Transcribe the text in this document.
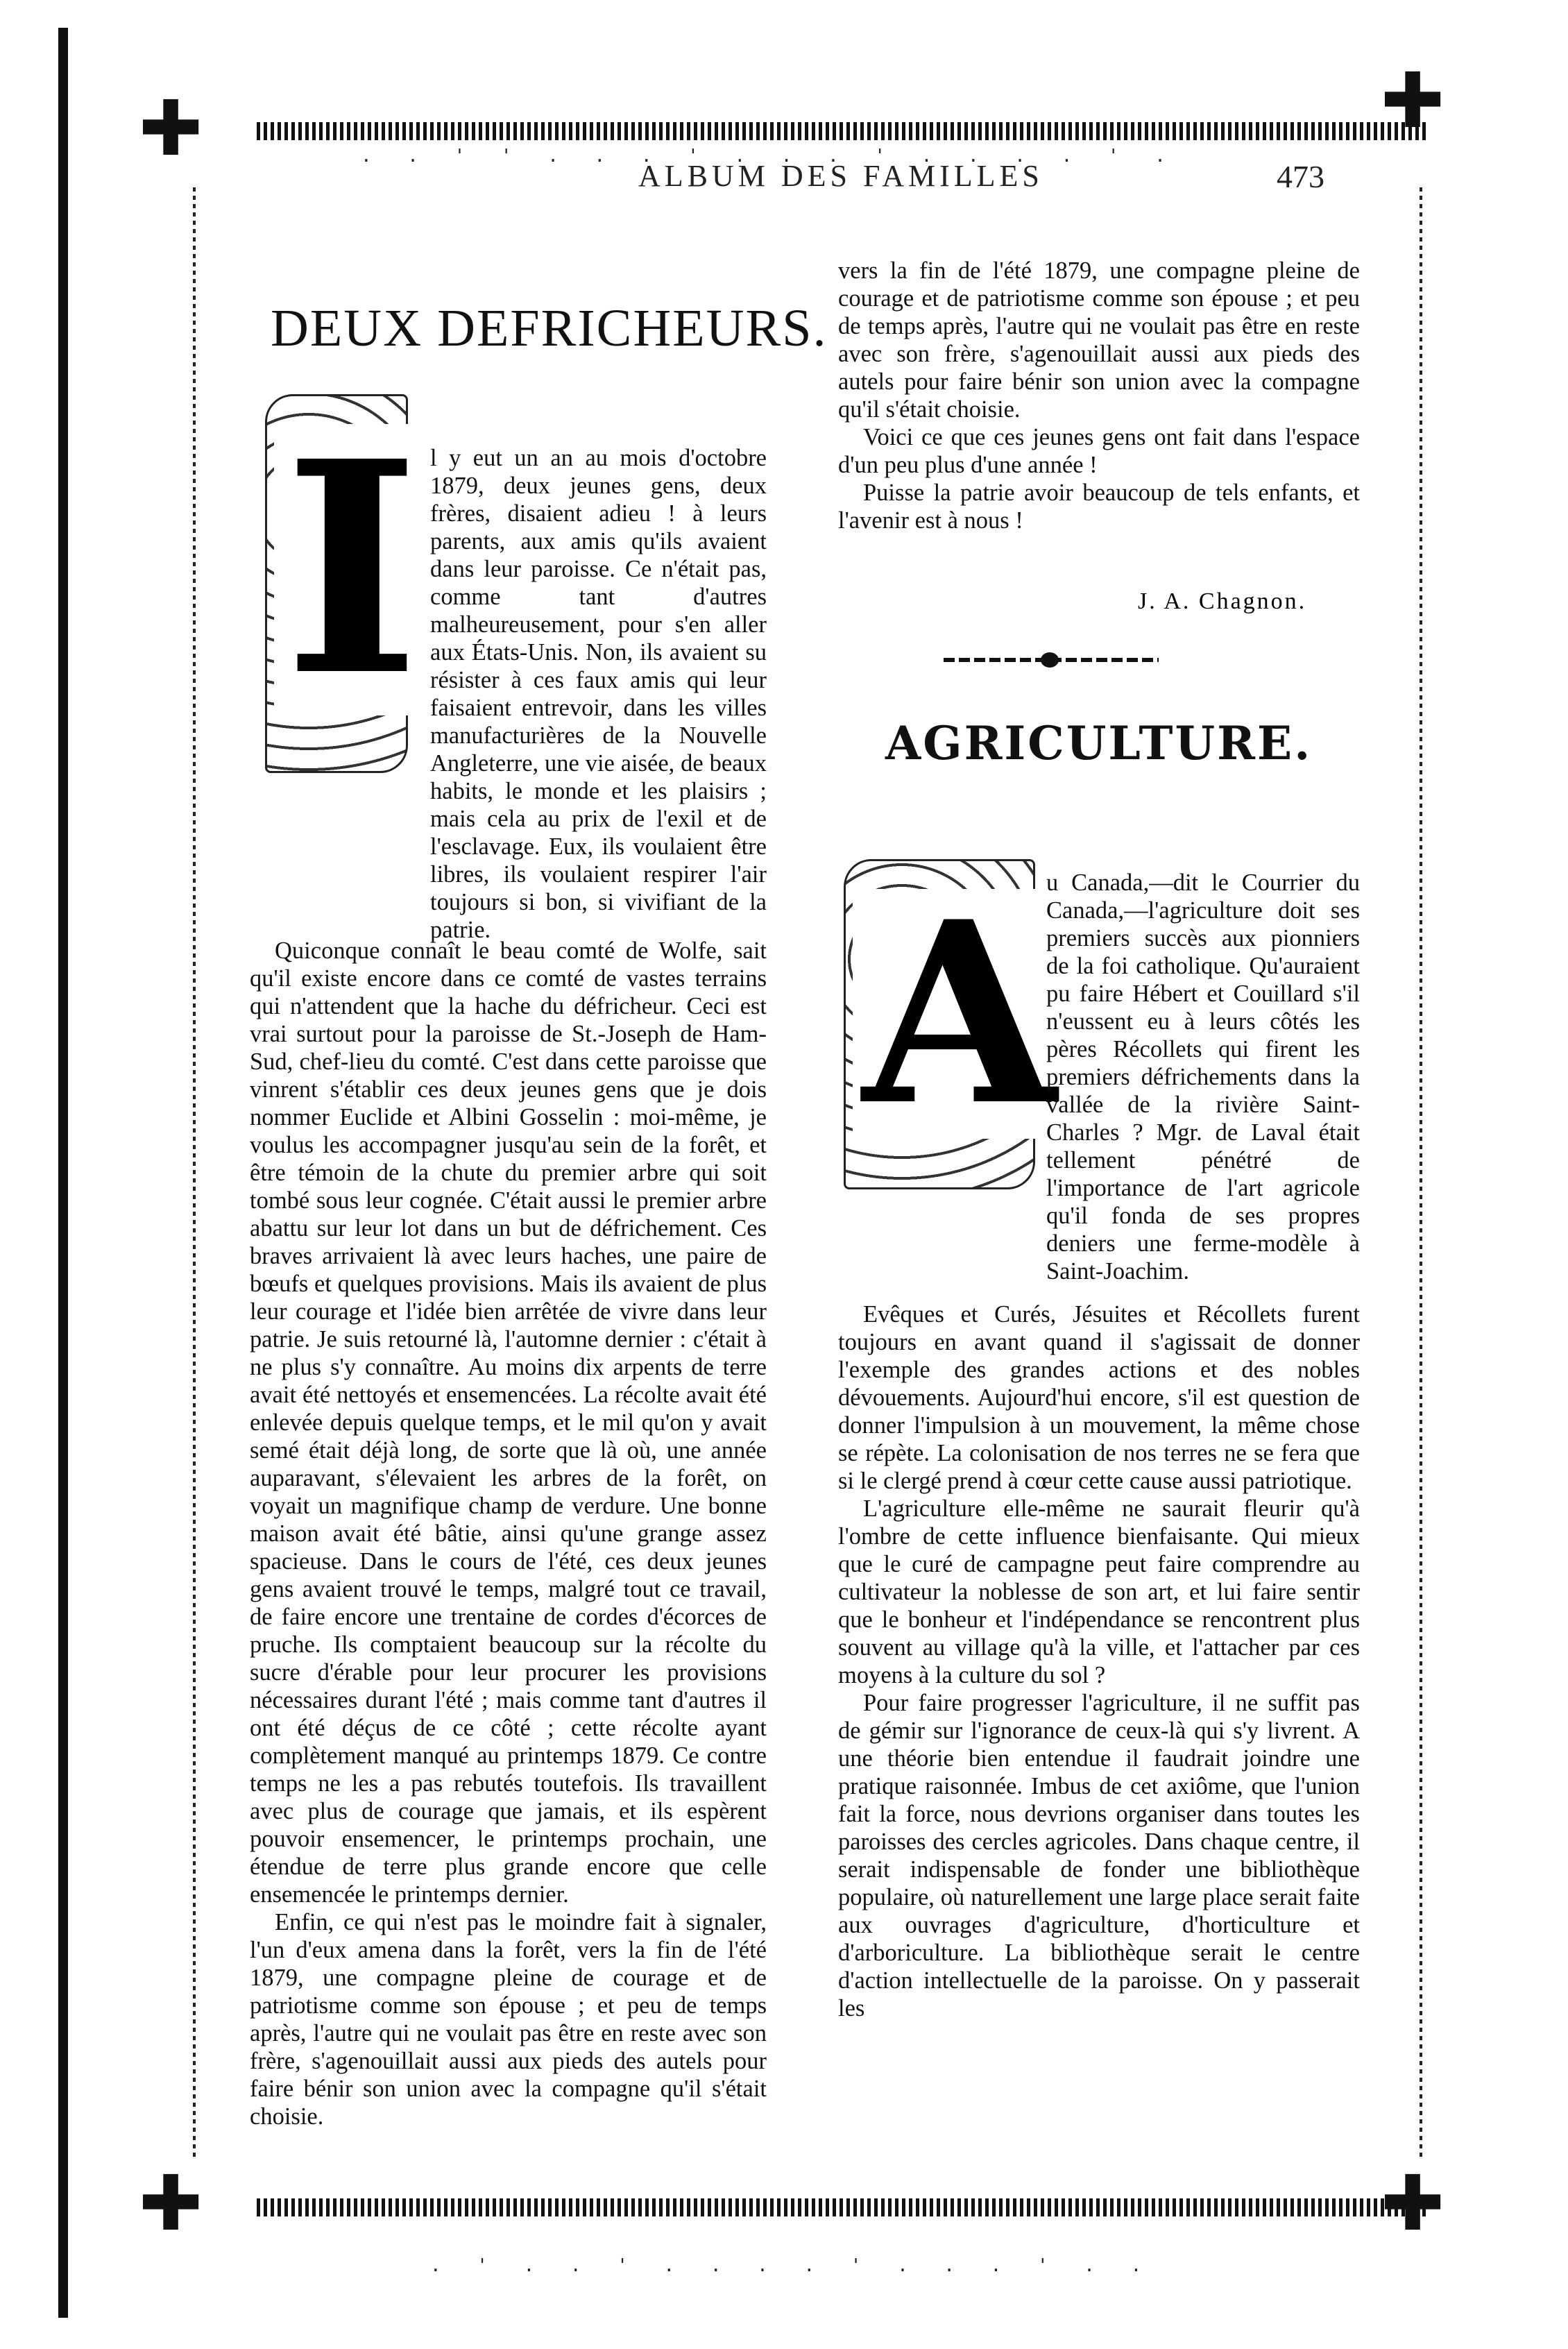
✚	✚
✚	✚
. . ' ' . . . ' . . . ' . . . . ' .
. ' . . ' . . . . ' . . . ' . .
ALBUM DES FAMILLES	473
DEUX DEFRICHEURS.
I l y eut un an au mois d'octobre 1879, deux jeunes gens, deux frères, disaient adieu ! à leurs parents, aux amis qu'ils avaient dans leur paroisse. Ce n'était pas, comme tant d'autres malheureusement, pour s'en aller aux États-Unis. Non, ils avaient su résister à ces faux amis qui leur faisaient entrevoir, dans les villes manufacturières de la Nouvelle Angleterre, une vie aisée, de beaux habits, le monde et les plaisirs ; mais cela au prix de l'exil et de l'esclavage. Eux, ils voulaient être libres, ils voulaient respirer l'air toujours si bon, si vivifiant de la patrie.

Quiconque connaît le beau comté de Wolfe, sait qu'il existe encore dans ce comté de vastes terrains qui n'attendent que la hache du défricheur. Ceci est vrai surtout pour la paroisse de St.-Joseph de Ham-Sud, chef-lieu du comté. C'est dans cette paroisse que vinrent s'établir ces deux jeunes gens que je dois nommer Euclide et Albini Gosselin : moi-même, je voulus les accompagner jusqu'au sein de la forêt, et être témoin de la chute du premier arbre qui soit tombé sous leur cognée. C'était aussi le premier arbre abattu sur leur lot dans un but de défrichement. Ces braves arrivaient là avec leurs haches, une paire de bœufs et quelques provisions. Mais ils avaient de plus leur courage et l'idée bien arrêtée de vivre dans leur patrie. Je suis retourné là, l'automne dernier : c'était à ne plus s'y connaître. Au moins dix arpents de terre avait été nettoyés et ensemencées. La récolte avait été enlevée depuis quelque temps, et le mil qu'on y avait semé était déjà long, de sorte que là où, une année auparavant, s'élevaient les arbres de la forêt, on voyait un magnifique champ de verdure. Une bonne maison avait été bâtie, ainsi qu'une grange assez spacieuse. Dans le cours de l'été, ces deux jeunes gens avaient trouvé le temps, malgré tout ce travail, de faire encore une trentaine de cordes d'écorces de pruche. Ils comptaient beaucoup sur la récolte du sucre d'érable pour leur procurer les provisions nécessaires durant l'été ; mais comme tant d'autres il ont été déçus de ce côté ; cette récolte ayant complètement manqué au printemps 1879. Ce contre temps ne les a pas rebutés toutefois. Ils travaillent avec plus de courage que jamais, et ils espèrent pouvoir ensemencer, le printemps prochain, une étendue de terre plus grande encore que celle ensemencée le printemps dernier.

Enfin, ce qui n'est pas le moindre fait à signaler, l'un d'eux amena dans la forêt, vers la fin de l'été 1879, une compagne pleine de courage et de patriotisme comme son épouse ; et peu de temps après, l'autre qui ne voulait pas être en reste avec son frère, s'agenouillait aussi aux pieds des autels pour faire bénir son union avec la compagne qu'il s'était choisie.

vers la fin de l'été 1879, une compagne pleine de courage et de patriotisme comme son épouse ; et peu de temps après, l'autre qui ne voulait pas être en reste avec son frère, s'agenouillait aussi aux pieds des autels pour faire bénir son union avec la compagne qu'il s'était choisie.

Voici ce que ces jeunes gens ont fait dans l'espace d'un peu plus d'une année !

Puisse la patrie avoir beaucoup de tels enfants, et l'avenir est à nous !

J. A. Chagnon.
AGRICULTURE.
A

u Canada,—dit le Courrier du Canada,—l'agriculture doit ses premiers succès aux pionniers de la foi catholique. Qu'auraient pu faire Hébert et Couillard s'il n'eussent eu à leurs côtés les pères Récollets qui firent les premiers défrichements dans la vallée de la rivière Saint-Charles ? Mgr. de Laval était tellement pénétré de l'importance de l'art agricole qu'il fonda de ses propres deniers une ferme-modèle à Saint-Joachim.

Evêques et Curés, Jésuites et Récollets furent toujours en avant quand il s'agissait de donner l'exemple des grandes actions et des nobles dévouements. Aujourd'hui encore, s'il est question de donner l'impulsion à un mouvement, la même chose se répète. La colonisation de nos terres ne se fera que si le clergé prend à cœur cette cause aussi patriotique.

L'agriculture elle-même ne saurait fleurir qu'à l'ombre de cette influence bienfaisante. Qui mieux que le curé de campagne peut faire comprendre au cultivateur la noblesse de son art, et lui faire sentir que le bonheur et l'indépendance se rencontrent plus souvent au village qu'à la ville, et l'attacher par ces moyens à la culture du sol ?

Pour faire progresser l'agriculture, il ne suffit pas de gémir sur l'ignorance de ceux-là qui s'y livrent. A une théorie bien entendue il faudrait joindre une pratique raisonnée. Imbus de cet axiôme, que l'union fait la force, nous devrions organiser dans toutes les paroisses des cercles agricoles. Dans chaque centre, il serait indispensable de fonder une bibliothèque populaire, où naturellement une large place serait faite aux ouvrages d'agriculture, d'horticulture et d'arboriculture. La bibliothèque serait le centre d'action intellectuelle de la paroisse. On y passerait les
